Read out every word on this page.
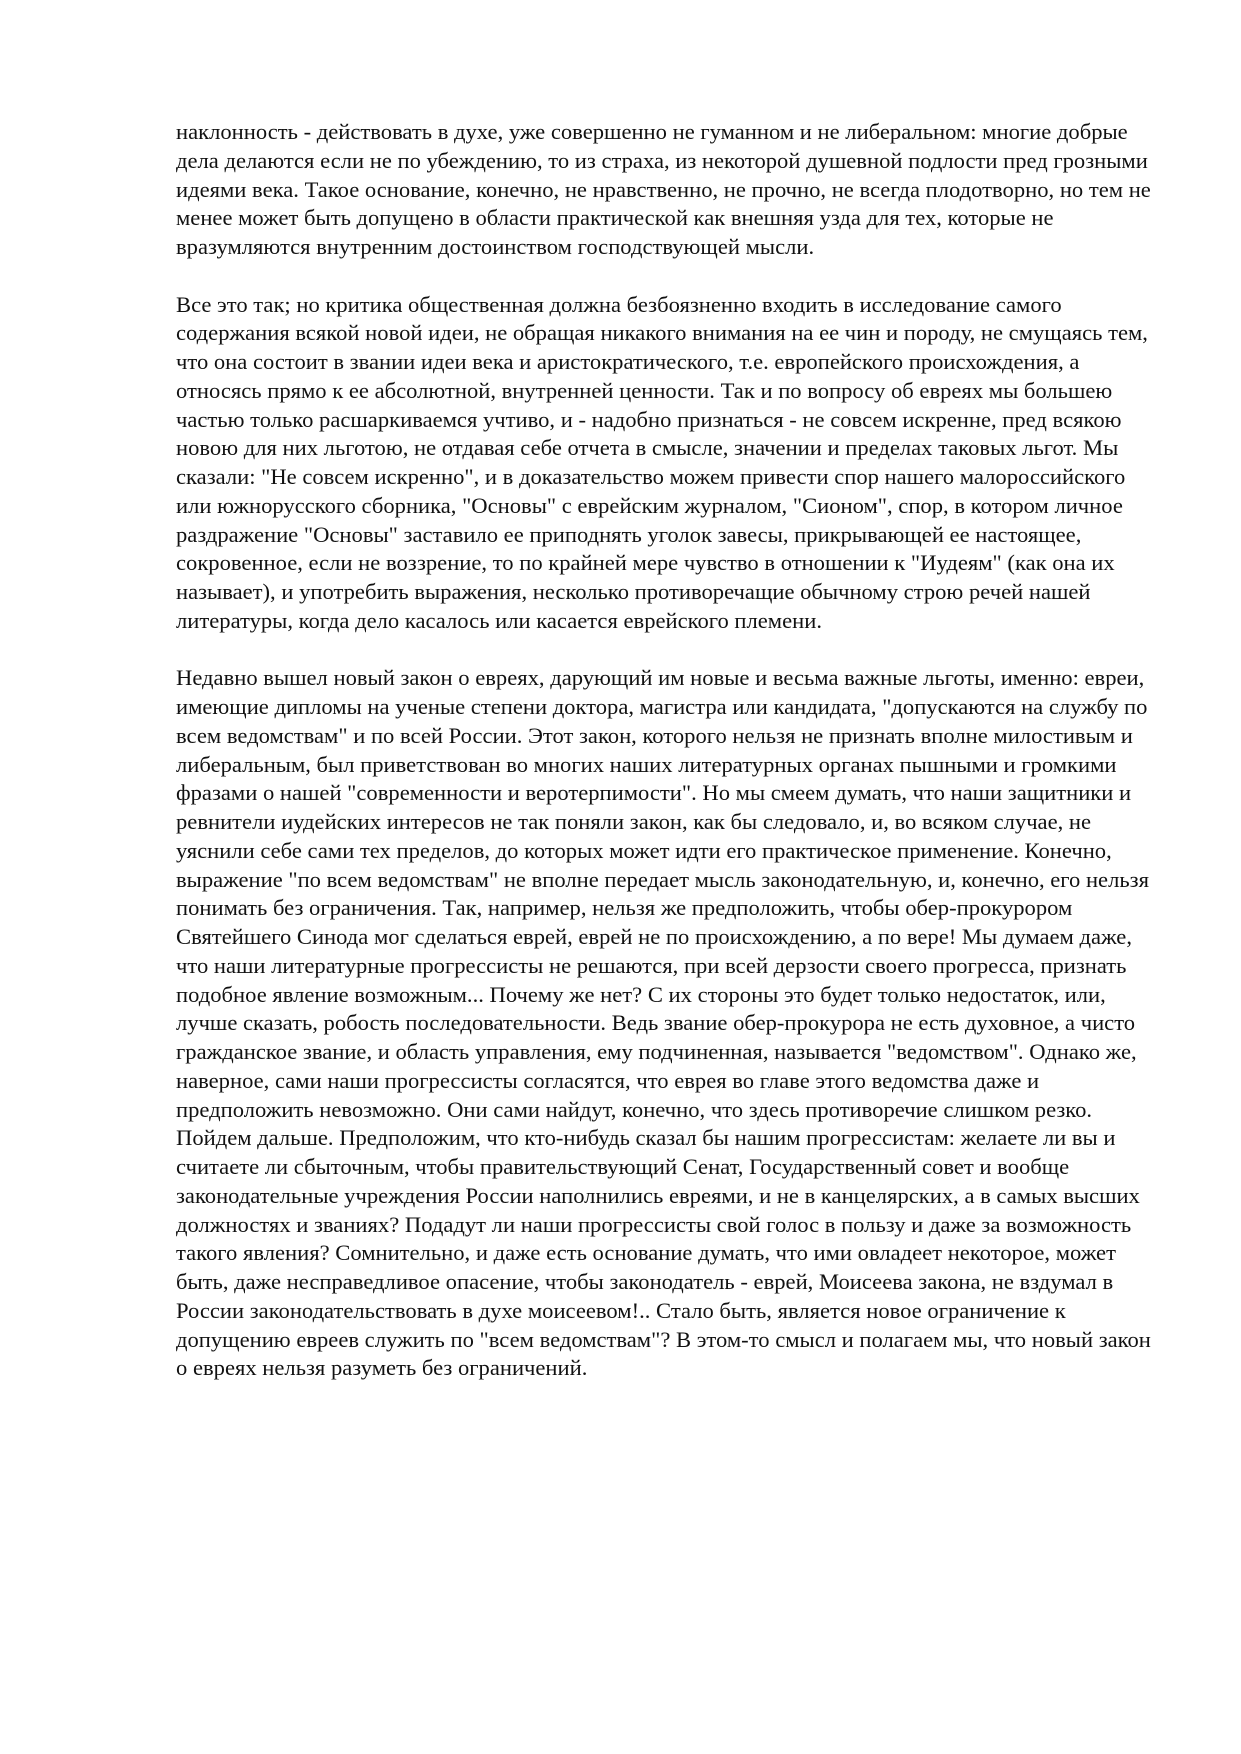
наклонность - действовать в духе, уже совершенно не гуманном и не либеральном: многие добрые дела делаются если не по убеждению, то из страха, из некоторой душевной подлости пред грозными идеями века. Такое основание, конечно, не нравственно, не прочно, не всегда плодотворно, но тем не менее может быть допущено в области практической как внешняя узда для тех, которые не вразумляются внутренним достоинством господствующей мысли.

Все это так; но критика общественная должна безбоязненно входить в исследование самого содержания всякой новой идеи, не обращая никакого внимания на ее чин и породу, не смущаясь тем, что она состоит в звании идеи века и аристократического, т.е. европейского происхождения, а относясь прямо к ее абсолютной, внутренней ценности. Так и по вопросу об евреях мы большею частью только расшаркиваемся учтиво, и - надобно признаться - не совсем искренне, пред всякою новою для них льготою, не отдавая себе отчета в смысле, значении и пределах таковых льгот. Мы сказали: "Не совсем искренно", и в доказательство можем привести спор нашего малороссийского или южнорусского сборника, "Основы" с еврейским журналом, "Сионом", спор, в котором личное раздражение "Основы" заставило ее приподнять уголок завесы, прикрывающей ее настоящее, сокровенное, если не воззрение, то по крайней мере чувство в отношении к "Иудеям" (как она их называет), и употребить выражения, несколько противоречащие обычному строю речей нашей литературы, когда дело касалось или касается еврейского племени.

Недавно вышел новый закон о евреях, дарующий им новые и весьма важные льготы, именно: евреи, имеющие дипломы на ученые степени доктора, магистра или кандидата, "допускаются на службу по всем ведомствам" и по всей России. Этот закон, которого нельзя не признать вполне милостивым и либеральным, был приветствован во многих наших литературных органах пышными и громкими фразами о нашей "современности и веротерпимости". Но мы смеем думать, что наши защитники и ревнители иудейских интересов не так поняли закон, как бы следовало, и, во всяком случае, не уяснили себе сами тех пределов, до которых может идти его практическое применение. Конечно, выражение "по всем ведомствам" не вполне передает мысль законодательную, и, конечно, его нельзя понимать без ограничения. Так, например, нельзя же предположить, чтобы обер-прокурором Святейшего Синода мог сделаться еврей, еврей не по происхождению, а по вере! Мы думаем даже, что наши литературные прогрессисты не решаются, при всей дерзости своего прогресса, признать подобное явление возможным... Почему же нет? С их стороны это будет только недостаток, или, лучше сказать, робость последовательности. Ведь звание обер-прокурора не есть духовное, а чисто гражданское звание, и область управления, ему подчиненная, называется "ведомством". Однако же, наверное, сами наши прогрессисты согласятся, что еврея во главе этого ведомства даже и предположить невозможно. Они сами найдут, конечно, что здесь противоречие слишком резко. Пойдем дальше. Предположим, что кто-нибудь сказал бы нашим прогрессистам: желаете ли вы и считаете ли сбыточным, чтобы правительствующий Сенат, Государственный совет и вообще законодательные учреждения России наполнились евреями, и не в канцелярских, а в самых высших должностях и званиях? Подадут ли наши прогрессисты свой голос в пользу и даже за возможность такого явления? Сомнительно, и даже есть основание думать, что ими овладеет некоторое, может быть, даже несправедливое опасение, чтобы законодатель - еврей, Моисеева закона, не вздумал в России законодательствовать в духе моисеевом!.. Стало быть, является новое ограничение к допущению евреев служить по "всем ведомствам"? В этом-то смысл и полагаем мы, что новый закон о евреях нельзя разуметь без ограничений.
